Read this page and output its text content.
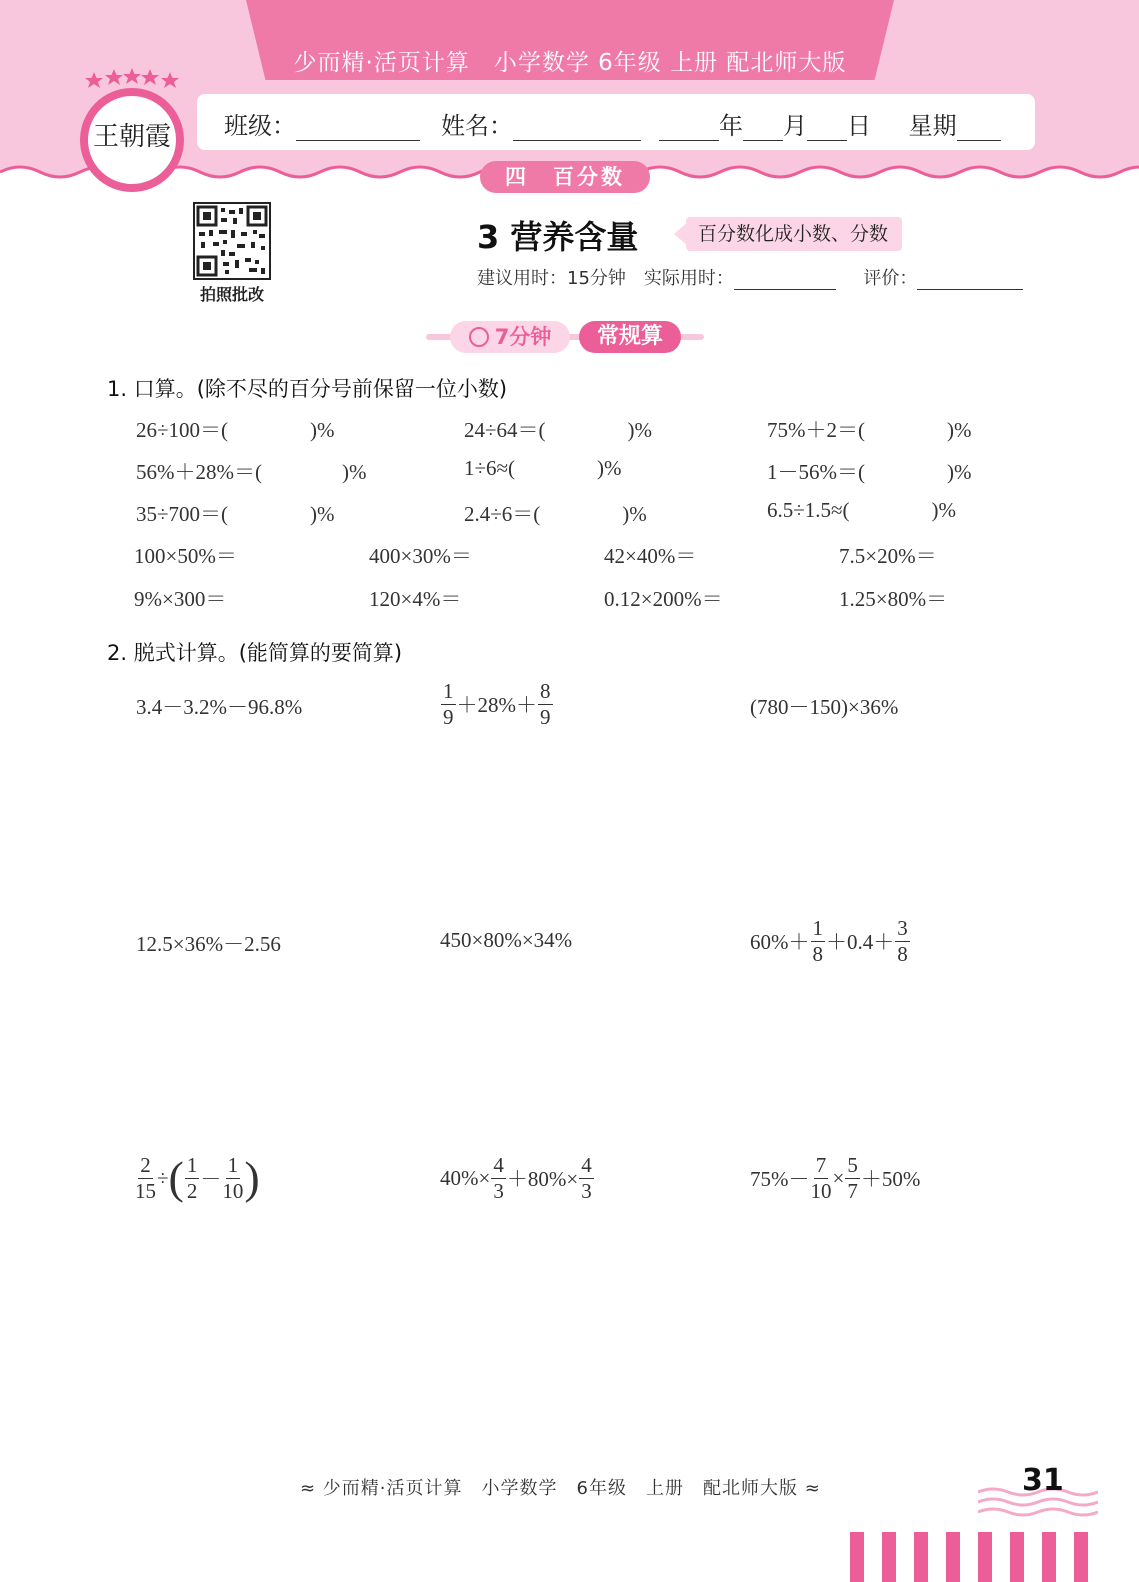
少而精·活页计算　小学数学 6年级 上册 配北师大版
班级：	姓名：	年 月 日 星期
王朝霞
四　百分数
拍照批改
3 营养含量	百分数化成小数、分数
建议用时：15分钟　实际用时：	评价：
7分钟	常规算
1. 口算。(除不尽的百分号前保留一位小数)
26÷100＝(	)%	24÷64＝(	)%	75%＋2＝(	)%
56%＋28%＝(	)%	1÷6≈(	)%	1－56%＝(	)%
35÷700＝(	)%	2.4÷6＝(	)%	6.5÷1.5≈(	)%
100×50%＝	400×30%＝	42×40%＝	7.5×20%＝
9%×300＝	120×4%＝	0.12×200%＝	1.25×80%＝
2. 脱式计算。(能简算的要简算)
3.4－3.2%－96.8%	$\frac{1}{9} +28\%+ \frac{8}{9}$	(780－150)×36%
12.5×36%－2.56	450×80%×34%	$60\%+ \frac{1}{8} +0.4+ \frac{3}{8}$
$\frac{2}{15}$ ÷ ( $\frac{1}{2} - \frac{1}{10}$ )	$40\%\times \frac{4}{3} +80\%\times \frac{4}{3}$	$75\%- \frac{7}{10} \times \frac{5}{7} +50\%$
≈ 少而精·活页计算　小学数学　6年级　上册　配北师大版 ≈	31
